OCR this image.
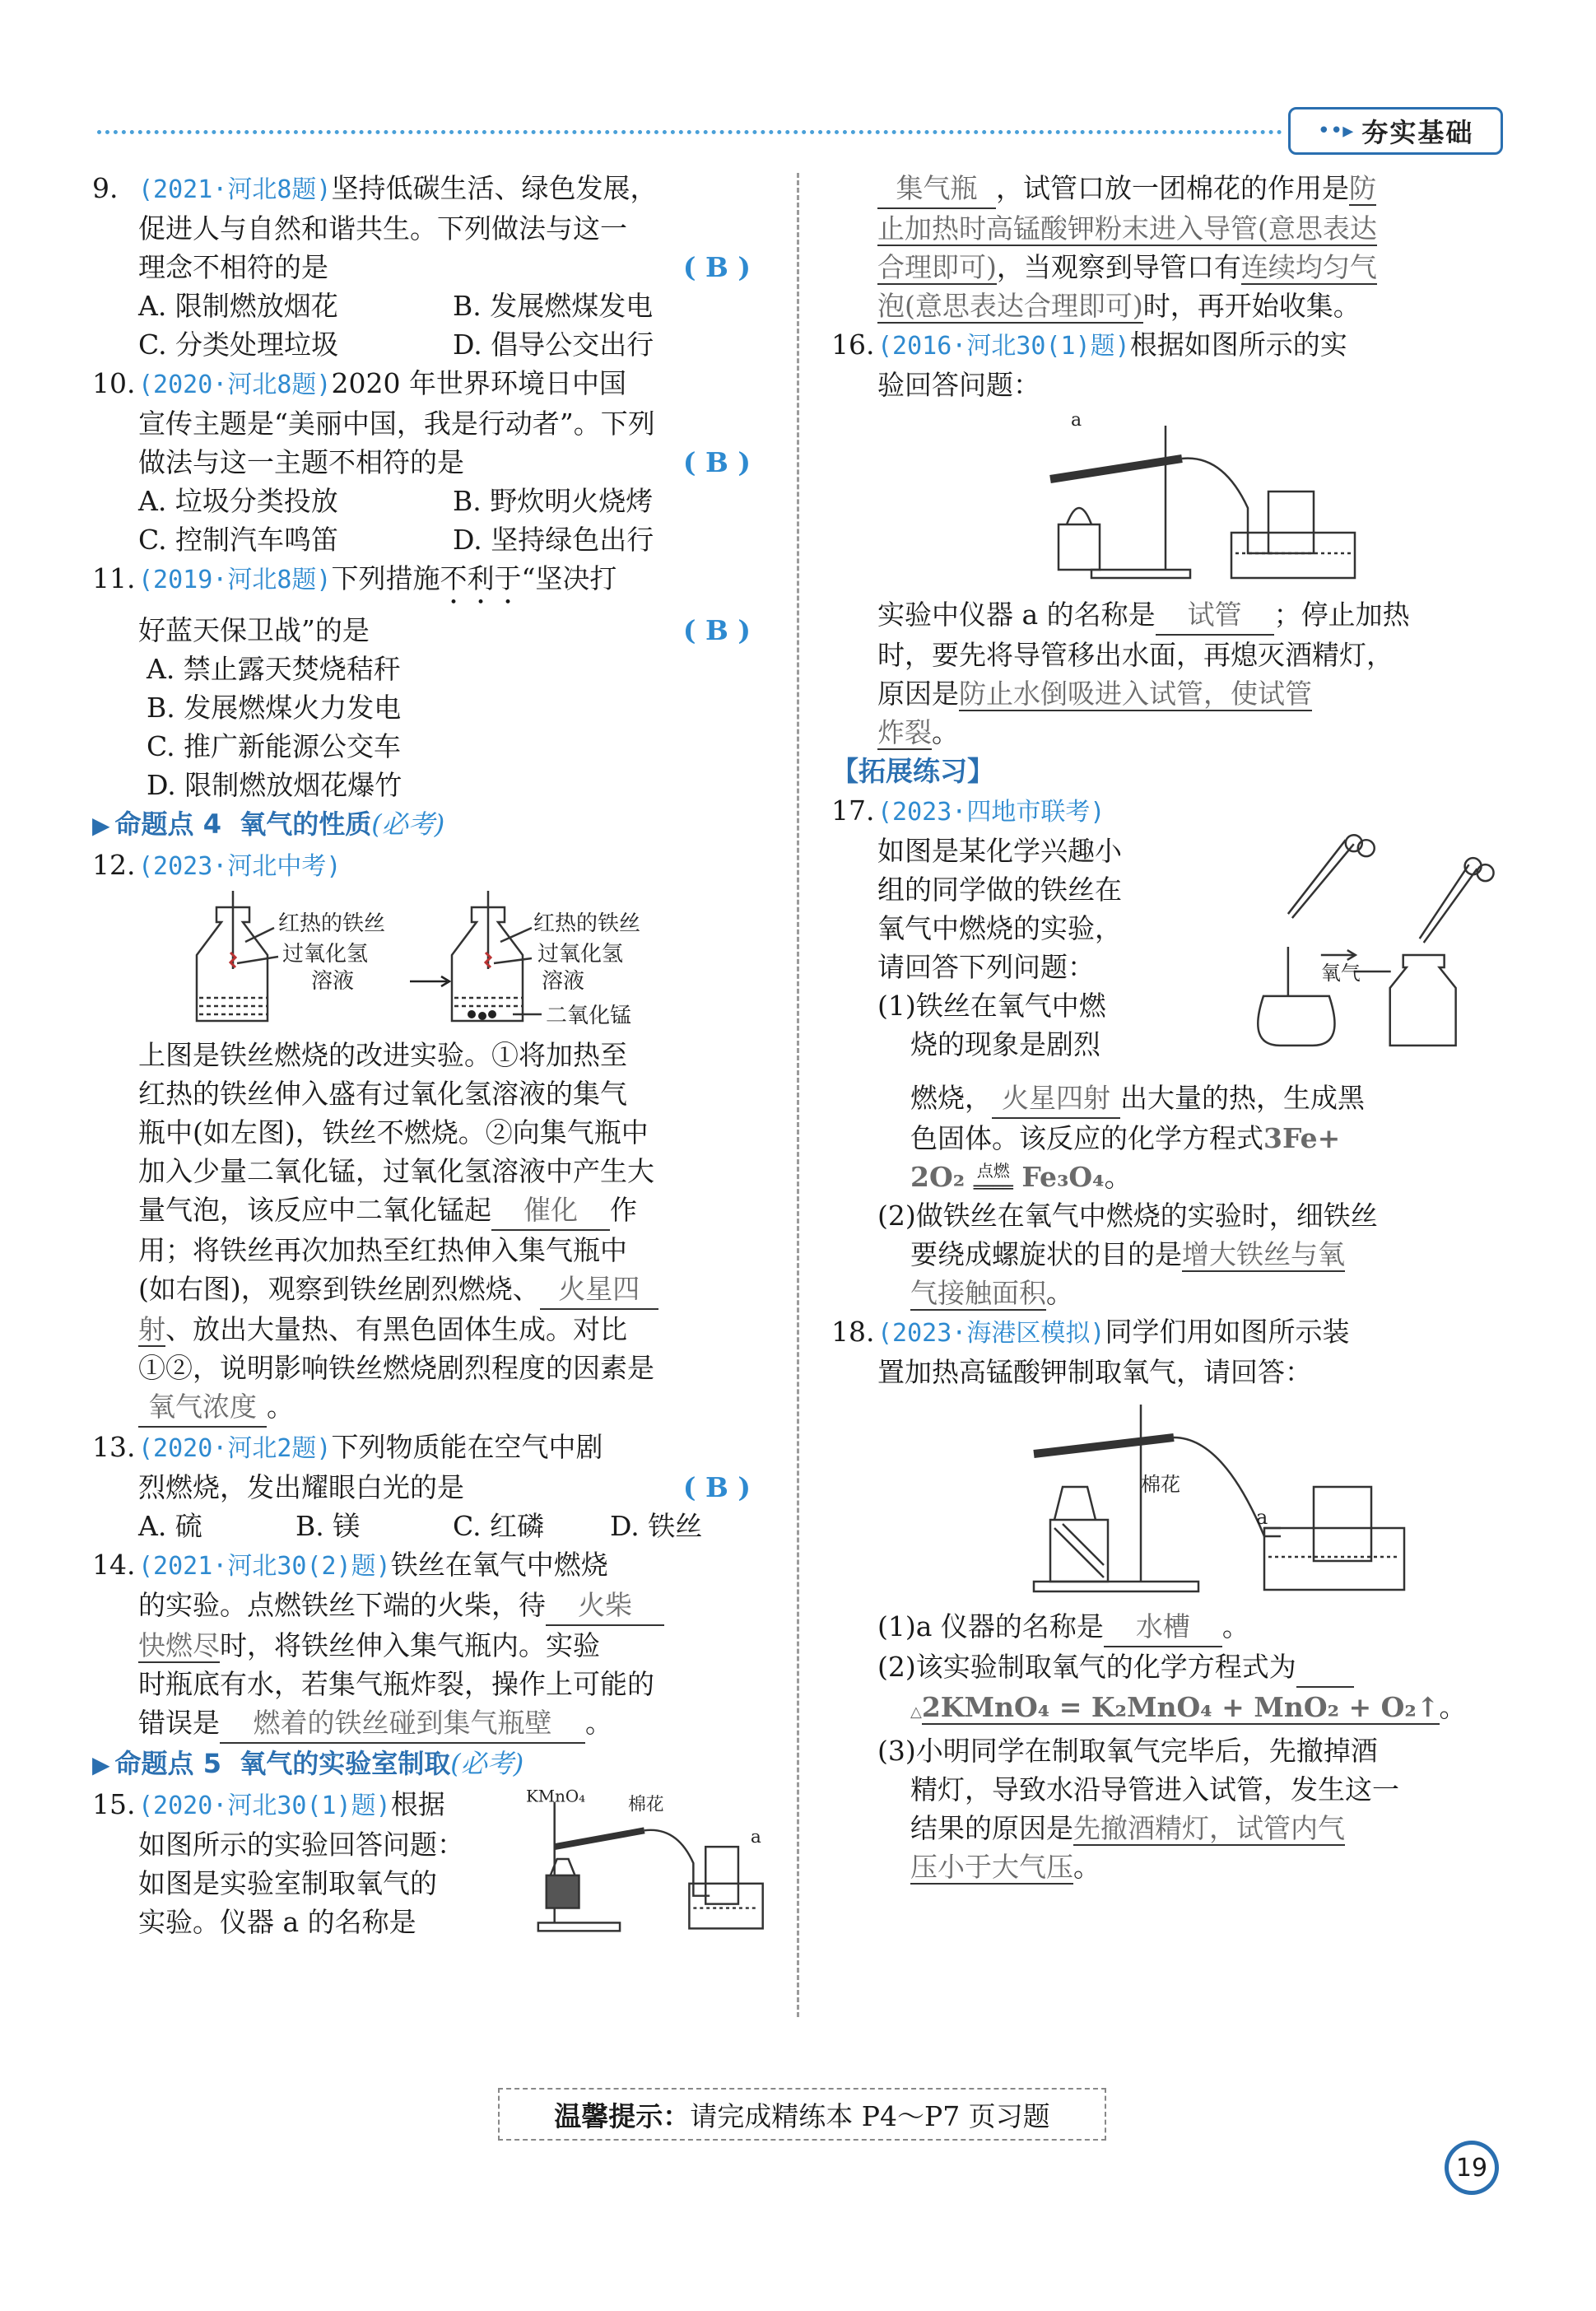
••▸ 夯实基础

9. (2021·河北8题)坚持低碳生活、绿色发展，

促进人与自然和谐共生。下列做法与这一

理念不相符的是	( B )

A. 限制燃放烟花	B. 发展燃煤发电
C. 分类处理垃圾	D. 倡导公交出行

10. (2020·河北8题)2020 年世界环境日中国

宣传主题是“美丽中国，我是行动者”。下列

做法与这一主题不相符的是	( B )

A. 垃圾分类投放	B. 野炊明火烧烤
C. 控制汽车鸣笛	D. 坚持绿色出行

11. (2019·河北8题)下列措施不利于“坚决打

好蓝天保卫战”的是	( B )

A. 禁止露天焚烧秸秆

B. 发展燃煤火力发电

C. 推广新能源公交车

D. 限制燃放烟花爆竹

▶ 命题点 4 氧气的性质(必考)

12. (2023·河北中考)

红热的铁丝
过氧化氢
溶液
红热的铁丝
过氧化氢
溶液
二氧化锰

上图是铁丝燃烧的改进实验。①将加热至

红热的铁丝伸入盛有过氧化氢溶液的集气

瓶中(如左图)，铁丝不燃烧。②向集气瓶中

加入少量二氧化锰，过氧化氢溶液中产生大

量气泡，该反应中二氧化锰起 催化 作

用；将铁丝再次加热至红热伸入集气瓶中

(如右图)，观察到铁丝剧烈燃烧、 火星四

射、放出大量热、有黑色固体生成。对比

①②，说明影响铁丝燃烧剧烈程度的因素是

氧气浓度 。

13. (2020·河北2题)下列物质能在空气中剧

烈燃烧，发出耀眼白光的是	( B )

A. 硫	B. 镁	C. 红磷	D. 铁丝

14. (2021·河北30(2)题)铁丝在氧气中燃烧

的实验。点燃铁丝下端的火柴，待 火柴

快燃尽时，将铁丝伸入集气瓶内。实验

时瓶底有水，若集气瓶炸裂，操作上可能的

错误是 燃着的铁丝碰到集气瓶壁 。

▶ 命题点 5 氧气的实验室制取(必考)

15. (2020·河北30(1)题)根据

如图所示的实验回答问题：

如图是实验室制取氧气的

实验。仪器 a 的名称是

KMnO₄ 棉花
a

集气瓶 ，试管口放一团棉花的作用是防

止加热时高锰酸钾粉末进入导管(意思表达

合理即可)，当观察到导管口有连续均匀气

泡(意思表达合理即可)时，再开始收集。

16. (2016·河北30(1)题)根据如图所示的实

验回答问题：

a

实验中仪器 a 的名称是 试管 ；停止加热

时，要先将导管移出水面，再熄灭酒精灯，

原因是防止水倒吸进入试管，使试管

炸裂。

【拓展练习】

17. (2023·四地市联考)

如图是某化学兴趣小

组的同学做的铁丝在

氧气中燃烧的实验，

请回答下列问题：

(1)铁丝在氧气中燃

烧的现象是剧烈

氧气

燃烧， 火星四射 出大量的热，生成黑

色固体。该反应的化学方程式3Fe+

2O₂ 点燃
════ Fe₃O₄。

(2)做铁丝在氧气中燃烧的实验时，细铁丝

要绕成螺旋状的目的是增大铁丝与氧

气接触面积。

18. (2023·海港区模拟)同学们用如图所示装

置加热高锰酸钾制取氧气，请回答：

棉花
a

(1)a 仪器的名称是 水槽 。

(2)该实验制取氧气的化学方程式为

△2KMnO₄ = K₂MnO₄ + MnO₂ + O₂↑。

(3)小明同学在制取氧气完毕后，先撤掉酒

精灯，导致水沿导管进入试管，发生这一

结果的原因是先撤酒精灯，试管内气

压小于大气压。

温馨提示： 请完成精练本 P4～P7 页习题
19
